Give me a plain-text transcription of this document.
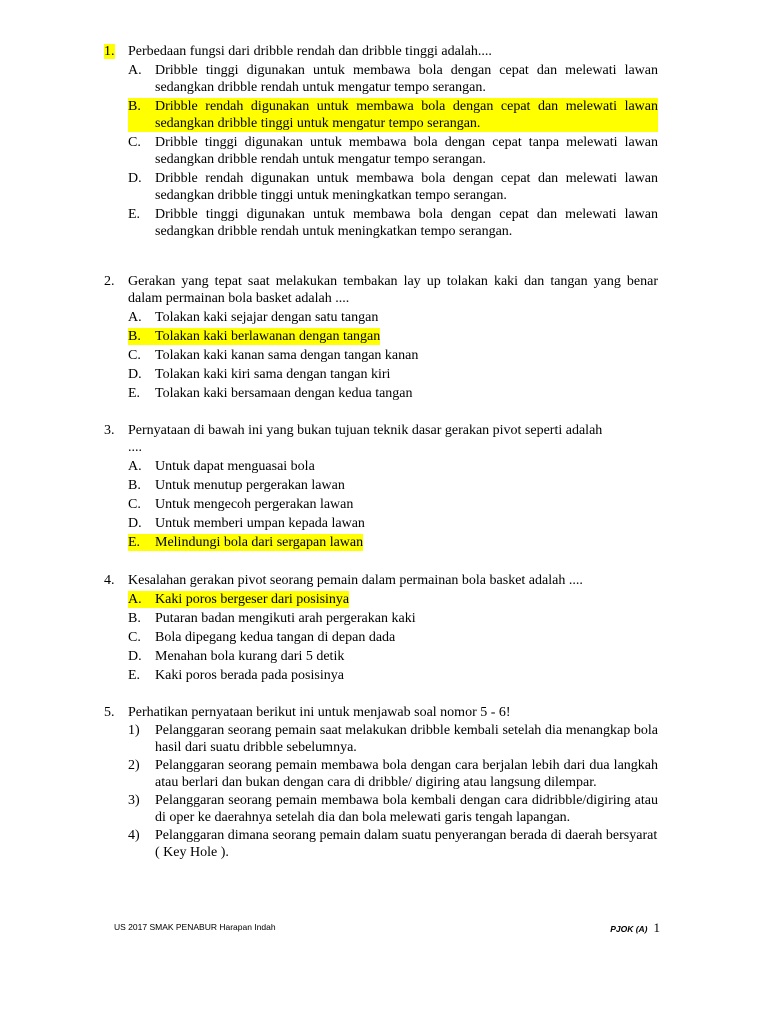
1. Perbedaan fungsi dari dribble rendah dan dribble tinggi adalah....
A. Dribble tinggi digunakan untuk membawa bola dengan cepat dan melewati lawan sedangkan dribble rendah untuk mengatur tempo serangan.
B.	Dribble rendah digunakan untuk membawa bola dengan cepat dan melewati lawan sedangkan dribble tinggi untuk mengatur tempo serangan.
C.	Dribble tinggi digunakan untuk membawa bola dengan cepat tanpa melewati lawan sedangkan dribble rendah untuk mengatur tempo serangan.
D. Dribble rendah digunakan untuk membawa bola dengan cepat dan melewati lawan sedangkan dribble tinggi untuk meningkatkan tempo serangan.
E.	Dribble tinggi digunakan untuk membawa bola dengan cepat dan melewati lawan sedangkan dribble rendah untuk meningkatkan tempo serangan.
2. Gerakan yang tepat saat melakukan tembakan lay up tolakan kaki dan tangan yang benar dalam permainan bola basket adalah ....
A. Tolakan kaki sejajar dengan satu tangan
B.	Tolakan kaki berlawanan dengan tangan
C.	Tolakan kaki kanan sama dengan tangan kanan
D. Tolakan kaki kiri sama dengan tangan kiri
E.	Tolakan kaki bersamaan dengan kedua tangan
3. Pernyataan di bawah ini yang bukan tujuan teknik dasar gerakan pivot seperti adalah ....
A. Untuk dapat menguasai bola
B.	Untuk menutup pergerakan lawan
C.	Untuk mengecoh pergerakan lawan
D. Untuk memberi umpan kepada lawan
E.	Melindungi bola dari sergapan lawan
4. Kesalahan gerakan pivot seorang pemain dalam permainan bola basket adalah ....
A. Kaki poros bergeser dari posisinya
B.	Putaran badan mengikuti arah pergerakan kaki
C.	Bola dipegang kedua tangan di depan dada
D. Menahan bola kurang dari 5 detik
E.	Kaki poros berada pada posisinya
5. Perhatikan pernyataan berikut ini untuk menjawab soal nomor 5 - 6!
1)	Pelanggaran seorang pemain saat melakukan dribble kembali setelah dia menangkap bola hasil dari suatu dribble sebelumnya.
2)	Pelanggaran seorang pemain membawa bola dengan cara berjalan lebih dari dua langkah atau berlari dan bukan dengan cara di dribble/ digiring atau langsung dilempar.
3)	Pelanggaran seorang pemain membawa bola kembali dengan cara didribble/digiring atau di oper ke daerahnya setelah dia dan bola melewati garis tengah lapangan.
4)	Pelanggaran dimana seorang pemain dalam suatu penyerangan berada di daerah bersyarat ( Key Hole ).
US 2017 SMAK PENABUR Harapan Indah	PJOK (A) 1
